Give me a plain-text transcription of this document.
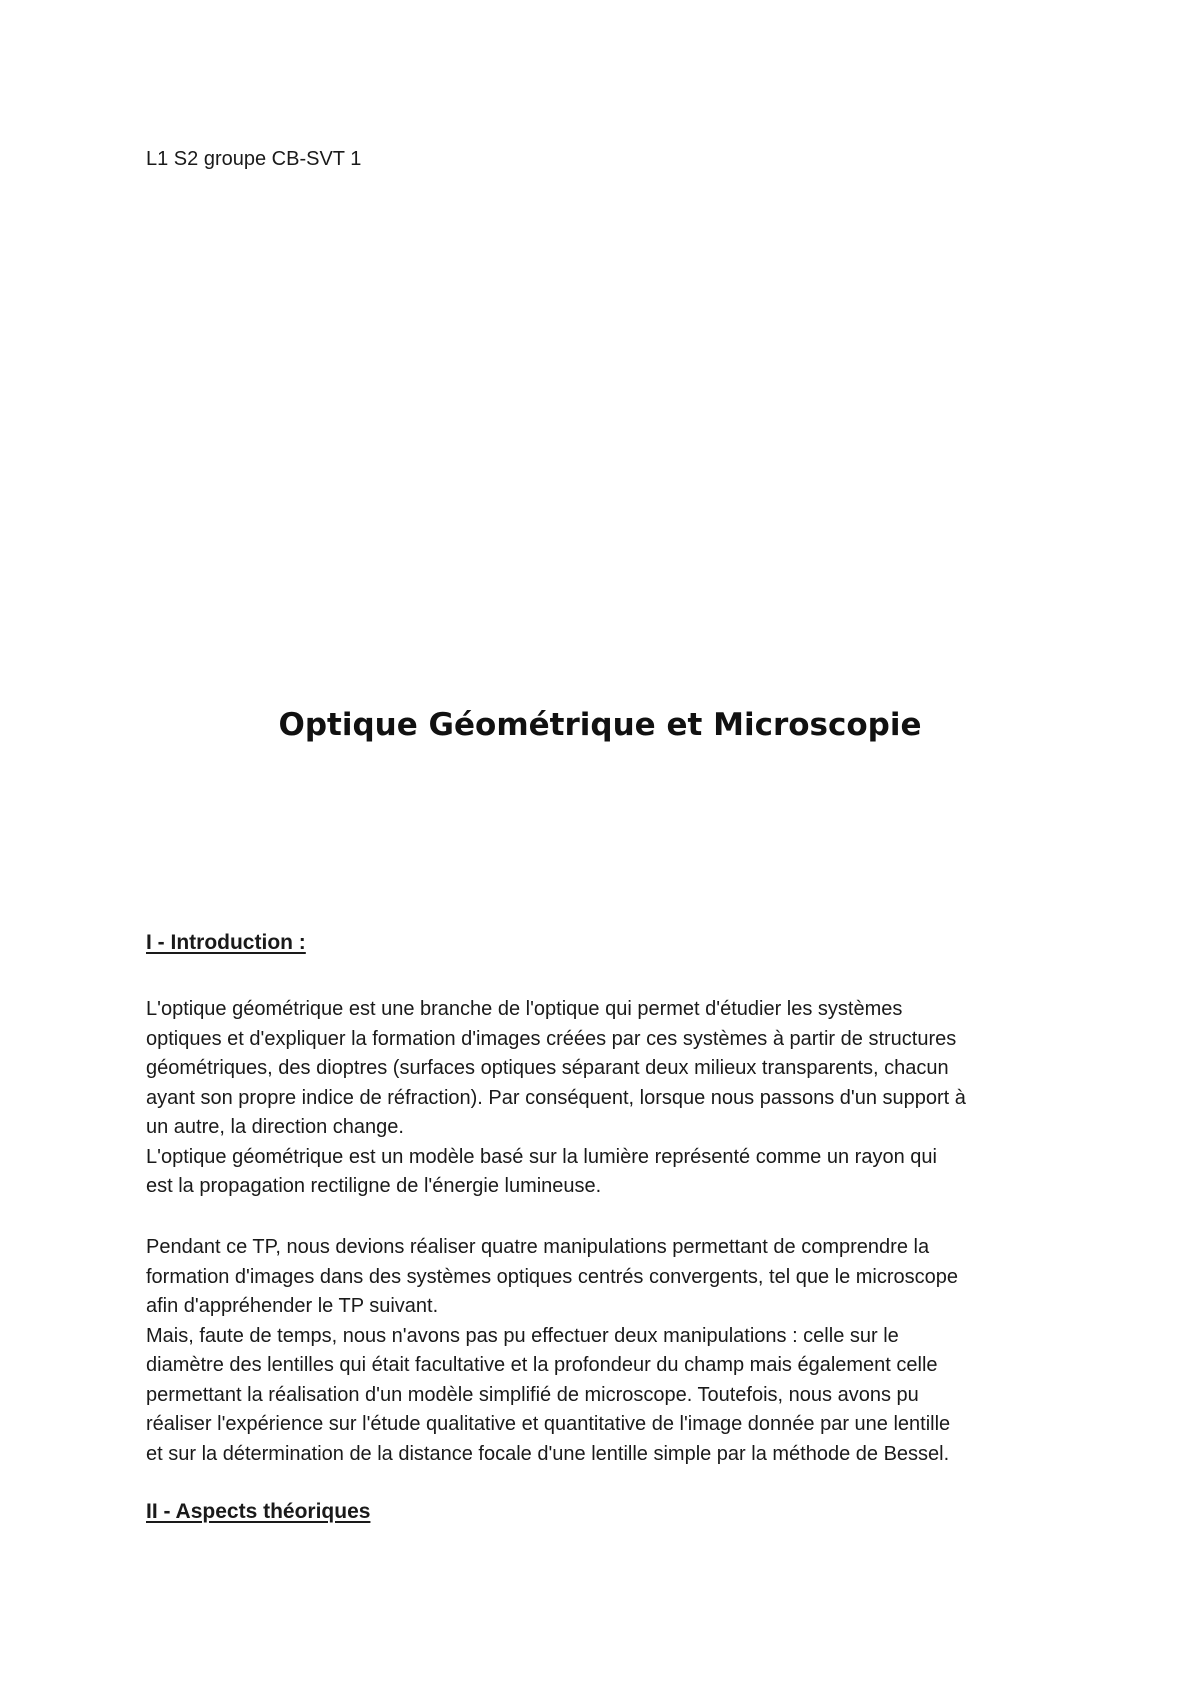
L1 S2 groupe CB-SVT 1
Optique Géométrique et Microscopie
I - Introduction :
L'optique géométrique est une branche de l'optique qui permet d'étudier les systèmes
optiques et d'expliquer la formation d'images créées par ces systèmes à partir de structures
géométriques, des dioptres (surfaces optiques séparant deux milieux transparents, chacun
ayant son propre indice de réfraction). Par conséquent, lorsque nous passons d'un support à
un autre, la direction change.
L'optique géométrique est un modèle basé sur la lumière représenté comme un rayon qui
est la propagation rectiligne de l'énergie lumineuse.
Pendant ce TP, nous devions réaliser quatre manipulations permettant de comprendre la
formation d'images dans des systèmes optiques centrés convergents, tel que le microscope
afin d'appréhender le TP suivant.
Mais, faute de temps, nous n'avons pas pu effectuer deux manipulations : celle sur le
diamètre des lentilles qui était facultative et la profondeur du champ mais également celle
permettant la réalisation d'un modèle simplifié de microscope. Toutefois, nous avons pu
réaliser l'expérience sur l'étude qualitative et quantitative de l'image donnée par une lentille
et sur la détermination de la distance focale d'une lentille simple par la méthode de Bessel.
II - Aspects théoriques
